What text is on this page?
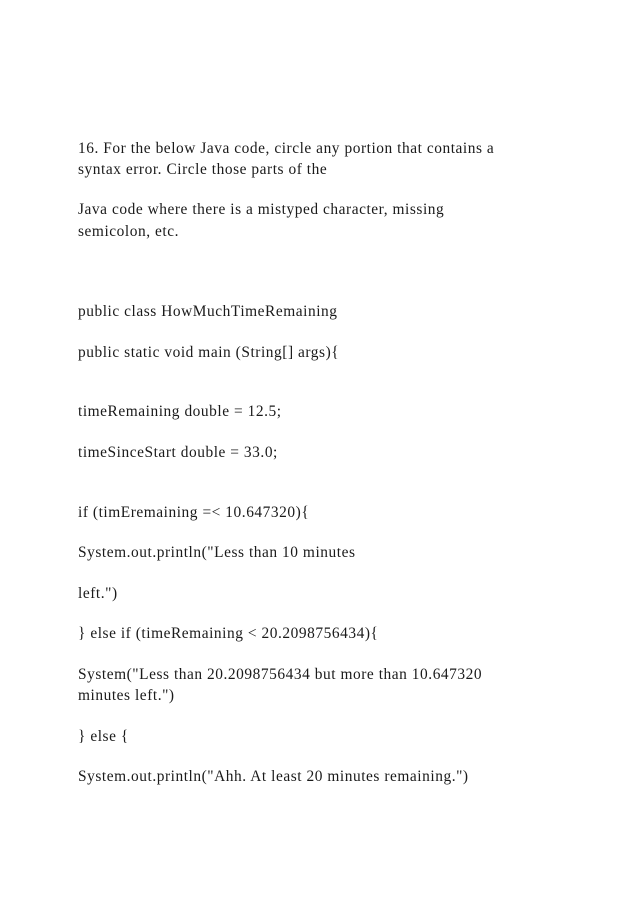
16. For the below Java code, circle any portion that contains a

syntax error. Circle those parts of the

Java code where there is a mistyped character, missing

semicolon, etc.

public class HowMuchTimeRemaining

public static void main (String[] args){

timeRemaining double = 12.5;

timeSinceStart double = 33.0;

if (timEremaining =< 10.647320){

System.out.println("Less than 10 minutes

left.")

} else if (timeRemaining < 20.2098756434){

System("Less than 20.2098756434 but more than 10.647320

minutes left.")

} else {

System.out.println("Ahh. At least 20 minutes remaining.")
